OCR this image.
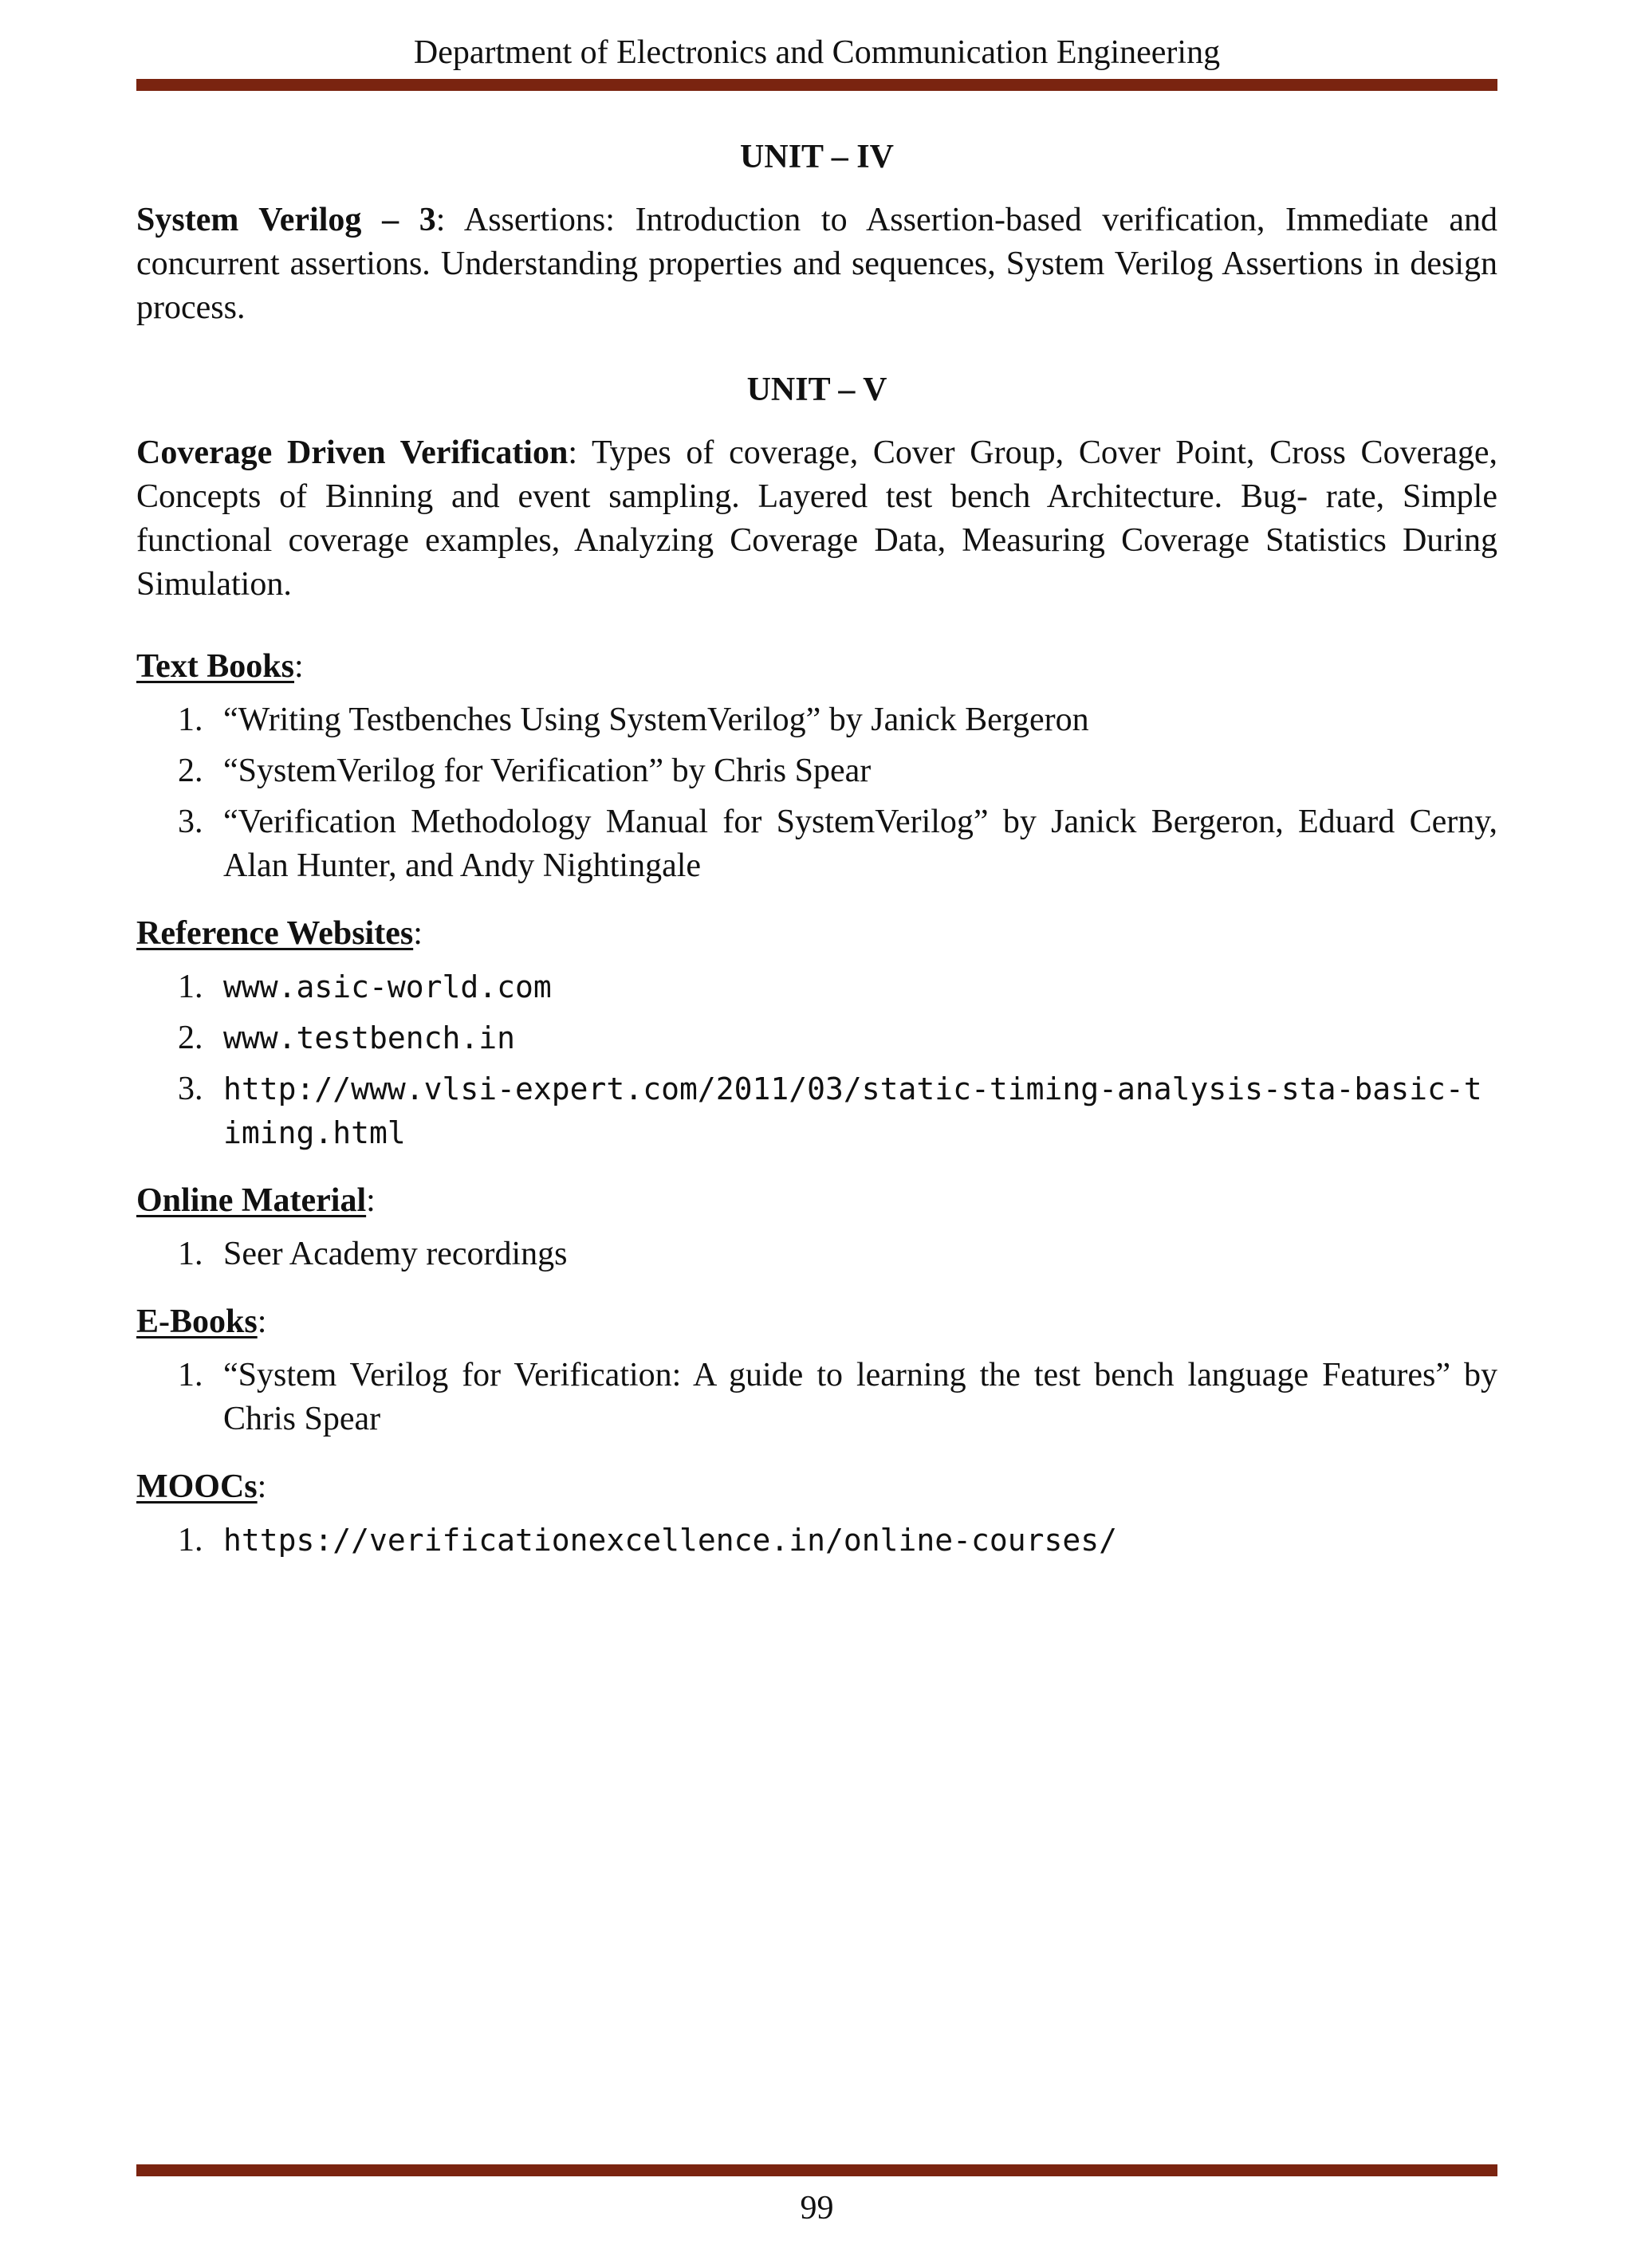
Department of Electronics and Communication Engineering
UNIT – IV

System Verilog – 3: Assertions: Introduction to Assertion-based verification, Immediate and concurrent assertions. Understanding properties and sequences, System Verilog Assertions in design process.

UNIT – V

Coverage Driven Verification: Types of coverage, Cover Group, Cover Point, Cross Coverage, Concepts of Binning and event sampling. Layered test bench Architecture. Bug- rate, Simple functional coverage examples, Analyzing Coverage Data, Measuring Coverage Statistics During Simulation.

Text Books:
1. “Writing Testbenches Using SystemVerilog” by Janick Bergeron
2. “SystemVerilog for Verification” by Chris Spear
3. “Verification Methodology Manual for SystemVerilog” by Janick Bergeron, Eduard Cerny, Alan Hunter, and Andy Nightingale
Reference Websites:
1. www.asic-world.com
2. www.testbench.in
3. http://www.vlsi-expert.com/2011/03/static-timing-analysis-sta-basic-timing.html
Online Material:
1. Seer Academy recordings
E-Books:
1. “System Verilog for Verification: A guide to learning the test bench language Features” by Chris Spear
MOOCs:
1. https://verificationexcellence.in/online-courses/
99
